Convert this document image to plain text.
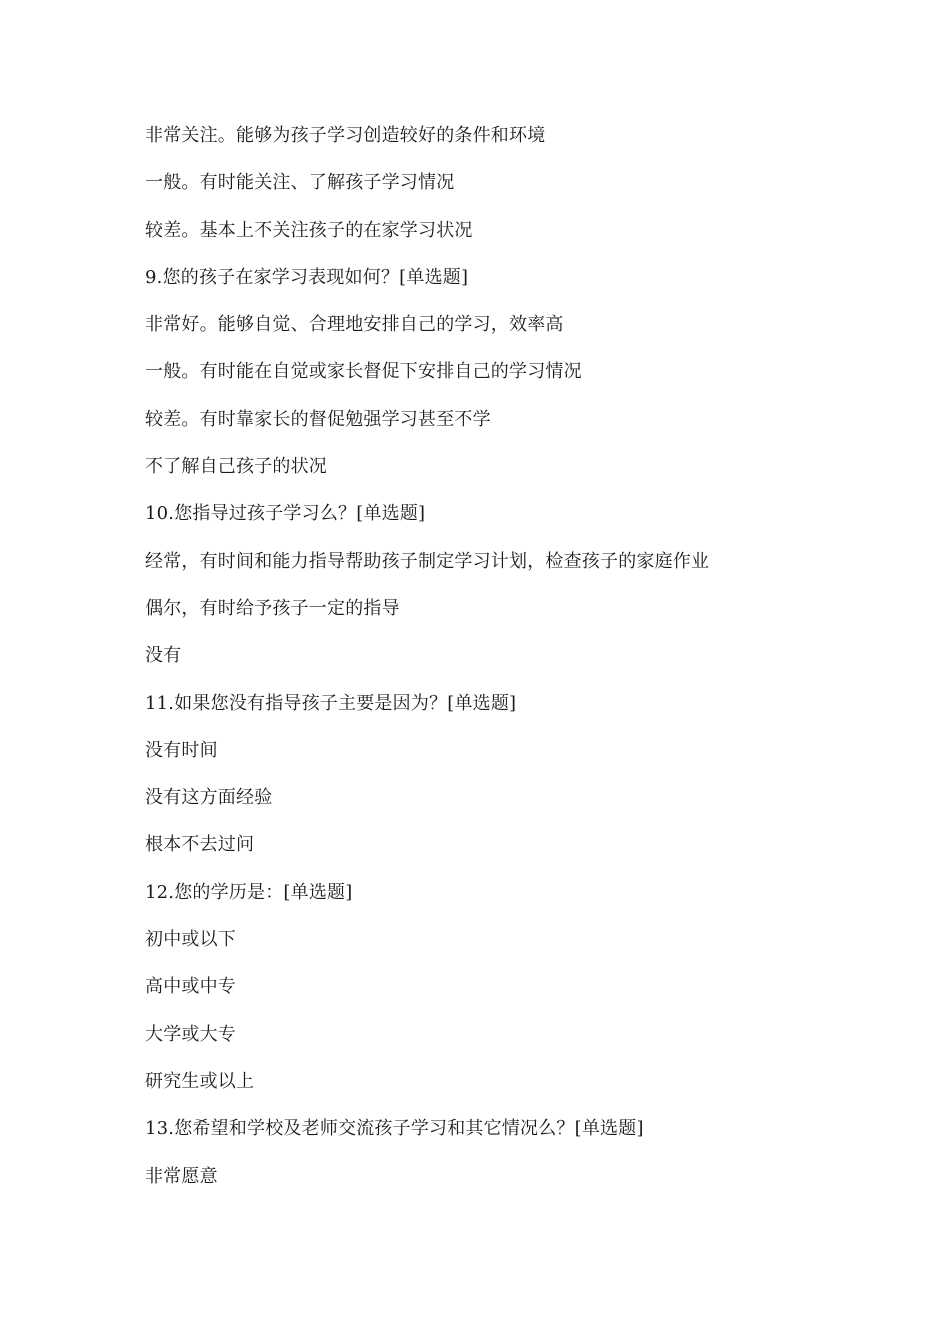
非常关注。能够为孩子学习创造较好的条件和环境
一般。有时能关注、了解孩子学习情况
较差。基本上不关注孩子的在家学习状况
9.您的孩子在家学习表现如何？[单选题]
非常好。能够自觉、合理地安排自己的学习，效率高
一般。有时能在自觉或家长督促下安排自己的学习情况
较差。有时靠家长的督促勉强学习甚至不学
不了解自己孩子的状况
10.您指导过孩子学习么？[单选题]
经常，有时间和能力指导帮助孩子制定学习计划，检查孩子的家庭作业
偶尔，有时给予孩子一定的指导
没有
11.如果您没有指导孩子主要是因为？[单选题]
没有时间
没有这方面经验
根本不去过问
12.您的学历是：[单选题]
初中或以下
高中或中专
大学或大专
研究生或以上
13.您希望和学校及老师交流孩子学习和其它情况么？[单选题]
非常愿意
